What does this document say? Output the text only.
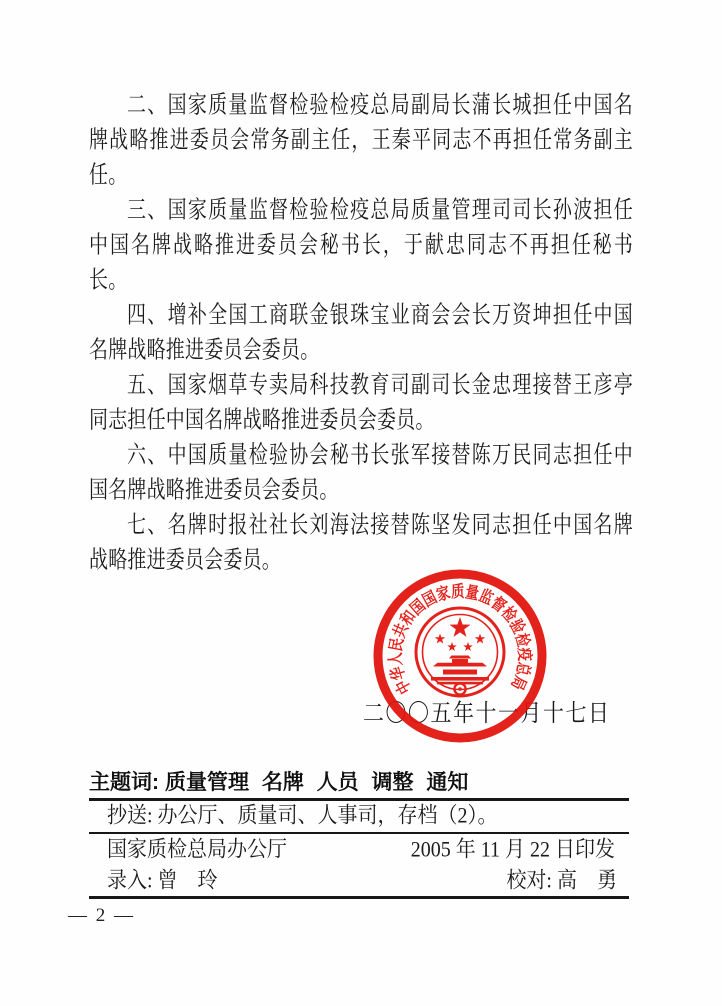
二、国家质量监督检验检疫总局副局长蒲长城担任中国名
牌战略推进委员会常务副主任，王秦平同志不再担任常务副主
任。
三、国家质量监督检验检疫总局质量管理司司长孙波担任
中国名牌战略推进委员会秘书长，于献忠同志不再担任秘书
长。
四、增补全国工商联金银珠宝业商会会长万资坤担任中国
名牌战略推进委员会委员。
五、国家烟草专卖局科技教育司副司长金忠理接替王彦亭
同志担任中国名牌战略推进委员会委员。
六、中国质量检验协会秘书长张军接替陈万民同志担任中
国名牌战略推进委员会委员。
七、名牌时报社社长刘海法接替陈坚发同志担任中国名牌
战略推进委员会委员。
二〇〇五年十一月十七日
中华人民共和国国家质量监督检验检疫总局
主题词: 质量管理 名牌 人员 调整 通知
抄送: 办公厅、质量司、人事司，存档（2）。
国家质检总局办公厅	2005 年 11 月 22 日印发
录入: 曾　玲	校对: 高　勇
— 2 —
